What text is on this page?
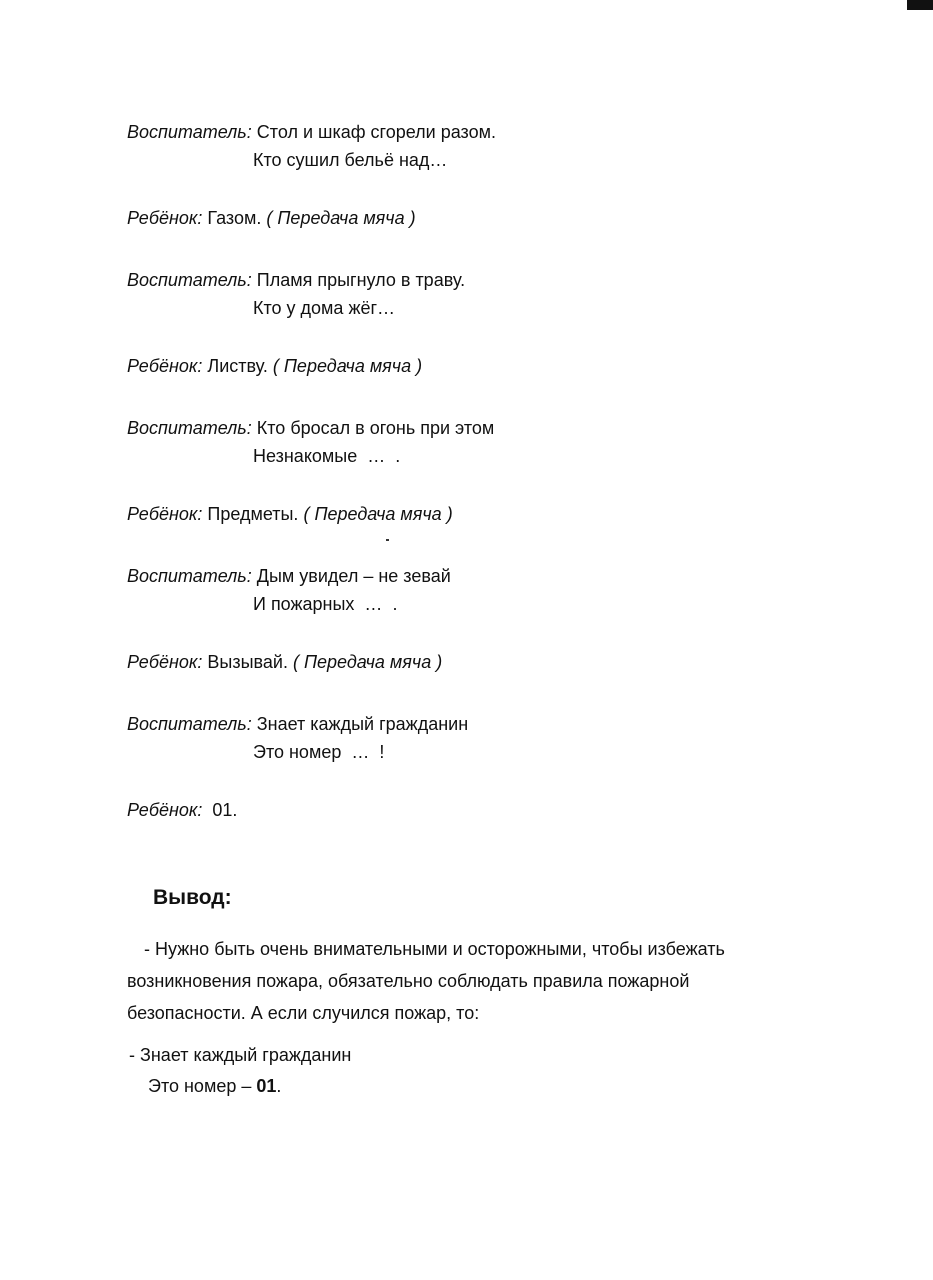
Воспитатель: Стол и шкаф сгорели разом.

Кто сушил бельё над…

Ребёнок: Газом. ( Передача мяча )

Воспитатель: Пламя прыгнуло в траву.

Кто у дома жёг…

Ребёнок: Листву. ( Передача мяча )

Воспитатель: Кто бросал в огонь при этом

Незнакомые  …  .

Ребёнок: Предметы. ( Передача мяча )

Воспитатель: Дым увидел – не зевай

И пожарных  …  .

Ребёнок: Вызывай. ( Передача мяча )

Воспитатель: Знает каждый гражданин

Это номер  …  !

Ребёнок: 01.

Вывод:

- Нужно быть очень внимательными и осторожными, чтобы избежать
возникновения пожара, обязательно соблюдать правила пожарной
безопасности. А если случился пожар, то:
- Знает каждый гражданин
Это номер – 01.
